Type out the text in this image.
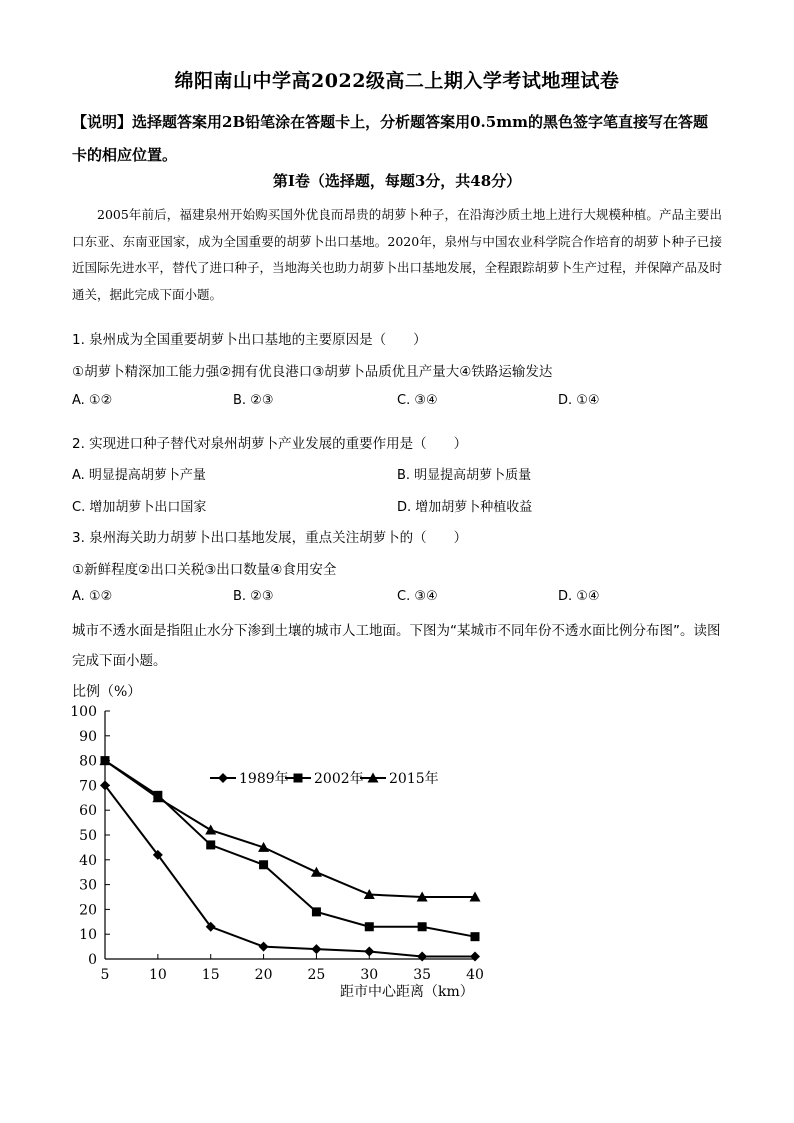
绵阳南山中学高2022级高二上期入学考试地理试卷
【说明】选择题答案用2B铅笔涂在答题卡上，分析题答案用0.5mm的黑色签字笔直接写在答题卡的相应位置。
第Ⅰ卷（选择题，每题3分，共48分）
2005年前后，福建泉州开始购买国外优良而昂贵的胡萝卜种子，在沿海沙质土地上进行大规模种植。产品主要出口东亚、东南亚国家，成为全国重要的胡萝卜出口基地。2020年，泉州与中国农业科学院合作培育的胡萝卜种子已接近国际先进水平，替代了进口种子，当地海关也助力胡萝卜出口基地发展，全程跟踪胡萝卜生产过程，并保障产品及时通关，据此完成下面小题。
1. 泉州成为全国重要胡萝卜出口基地的主要原因是（　　）
①胡萝卜精深加工能力强②拥有优良港口③胡萝卜品质优且产量大④铁路运输发达
A. ①②	B. ②③	C. ③④	D. ①④
2. 实现进口种子替代对泉州胡萝卜产业发展的重要作用是（　　）
A. 明显提高胡萝卜产量	B. 明显提高胡萝卜质量
C. 增加胡萝卜出口国家	D. 增加胡萝卜种植收益
3. 泉州海关助力胡萝卜出口基地发展，重点关注胡萝卜的（　　）
①新鲜程度②出口关税③出口数量④食用安全
A. ①②	B. ②③	C. ③④	D. ①④
城市不透水面是指阻止水分下渗到土壤的城市人工地面。下图为“某城市不同年份不透水面比例分布图”。读图完成下面小题。
比例（%）
距市中心距离（km）
0
10
20
30
40
50
60
70
80
90
100
5	10	15	20	25	30	35	40
1989年 2002年 2015年
